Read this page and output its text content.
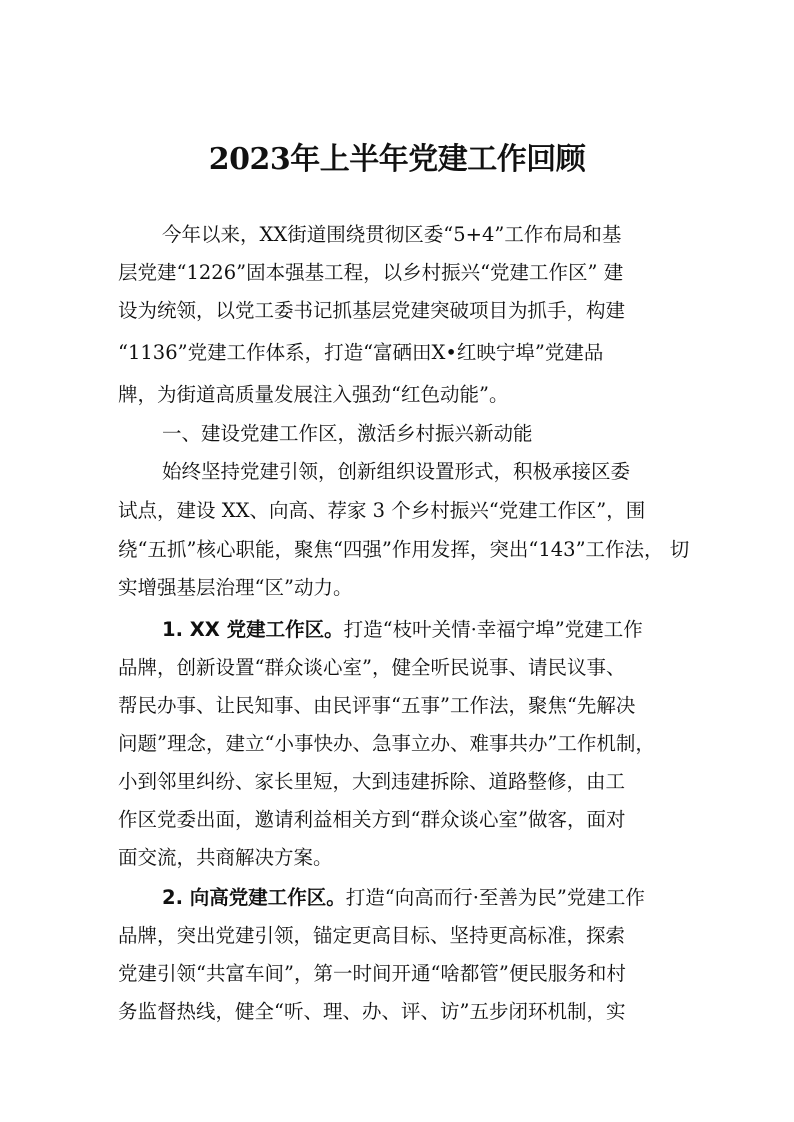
2023年上半年党建工作回顾
今年以来，XX街道围绕贯彻区委“5+4”工作布局和基
层党建“1226”固本强基工程，以乡村振兴“党建工作区” 建
设为统领，以党工委书记抓基层党建突破项目为抓手，构建
“1136”党建工作体系，打造“富硒田X•红映宁埠”党建品
牌，为街道高质量发展注入强劲“红色动能”。
一、建设党建工作区，激活乡村振兴新动能
始终坚持党建引领，创新组织设置形式，积极承接区委
试点，建设 XX、向高、荐家 3 个乡村振兴“党建工作区”，围
绕“五抓”核心职能，聚焦“四强”作用发挥，突出“143”工作法， 切
实增强基层治理“区”动力。
1. XX 党建工作区。打造“枝叶关情·幸福宁埠”党建工作
品牌，创新设置“群众谈心室”，健全听民说事、请民议事、
帮民办事、让民知事、由民评事“五事”工作法，聚焦“先解决
问题”理念，建立“小事快办、急事立办、难事共办”工作机制，
小到邻里纠纷、家长里短，大到违建拆除、道路整修，由工
作区党委出面，邀请利益相关方到“群众谈心室”做客，面对
面交流，共商解决方案。
2. 向高党建工作区。打造“向高而行·至善为民”党建工作
品牌，突出党建引领，锚定更高目标、坚持更高标准，探索
党建引领“共富车间”，第一时间开通“啥都管”便民服务和村
务监督热线，健全“听、理、办、评、访”五步闭环机制，实
